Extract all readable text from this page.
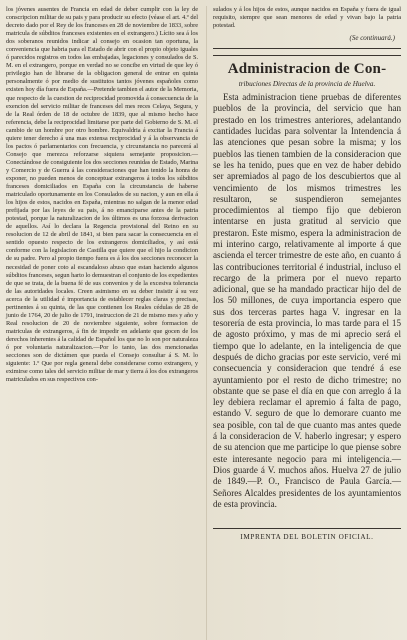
los jóvenes ausentes de Francia en edad de deber cumplir con la ley de conscripcion militar de su pais y para producir su efecto (véase el art. 4.º del decreto dado por el Rey de los franceses en 28 de noviembre de 1833, sobre matricula de súbditos franceses existentes en el extrangero.) Lícito sea á los dos soberanos reunidos indicar al consejo en ocasion tan oportuna, la conveniencia que habria para el Estado de abrir con el propio objeto iguales ó parecidos registros en todos las embajadas, legaciones y consulados de S. M. en el extrangero, porque en verdad no se concibe en virtud de que ley ó privilegio han de librarse de la obligacion general de entrar en quinta personalmente ó por medio de sustitutos tantos jóvenes españoles como existen hoy día fuera de España.—Pretende tambien el autor de la Memoria, que respecto de la cuestion de reciprocidad promovida á consecuencia de la exencion del servicio militar de franceses del mes reces Celaya, Segura, y de la Real órden de 18 de octubre de 1839, que al mismo hecho hace referencia, debe la reciprocidad limitarse por parte del Gobierno de S. M. el cambio de un hombre por otro hombre. Equivaldria á excitar la Francia á quiere tener derecho á una mas extensa reciprocidad y á la observancia de los pactos ó parlamentarios con frecuencia, y circunstancia no parecerá al Consejo que merezca reforzarse siquiera semejante proposicion.—Conectándose de consiguiente los dos secciones reunidas de Estado, Marina y Comercio y de Guerra á las consideraciones que han tenido la honra de exponer, no pueden menos de conceptuar extrangeros á todos los súbditos franceses domiciliados en España con la circunstancia de haberse matriculado oportunamente en los Consulados de su nacion, y aun en ella á los hijos de estos, nacidos en España, mientras no salgan de la menor edad prefijada por las leyes de su pais, á no emanciparse antes de la patria potestad, porque la naturalizacion de los últimos es una forzosa derivacion de aquellos. Así lo declara la Regencia provisional del Reino en su resolucion de 12 de abril de 1841, si bien para sacar la consecuencia en el sentido opuesto respecto de los extrangeros domiciliados, y así está conforme con la legislacion de Castilla que quiere que el hijo la condicion de su padre. Pero al propio tiempo fuera es á los dos secciones reconocer la necesidad de poner coto al escandaloso abuso que estan haciendo algunos súbditos franceses, segun harto lo demuestran el conjunto de los expedientes de que se trata, de la buena fé de sus convenios y de la excesiva tolerancia de las autoridades locales. Creen asimismo en su deber insistir á su vez acerca de la utilidad é importancia de establecer reglas claras y precisas, pertinentes á su quinta, de las que contienen los Reales cédulas de 28 de junio de 1764, 20 de julio de 1791, instruccion de 21 de mismo mes y año y Real resolucion de 20 de noviembre siguiente, sobre formacion de matriculas de extrangeros, á fin de impedir en adelante que gocen de los derechos inherentes á la calidad de Español los que no lo son por naturaleza ó por voluntaria naturalizacion.—Por lo tanto, las dos mencionadas secciones son de dictámen que pueda el Consejo consultar á S. M. lo siguiente: 1.º Que por regla general debe considerarse como extrangero, y eximirse como tales del servicio militar de mar y tierra á los dos extrangeros matriculados en sus respectivos con-

sulados y á los hijos de estos, aunque nacidos en España y fuera de igual requisito, siempre que sean menores de edad y vivan bajo la patria potestad.

(Se continuará.)
Administracion de Con-
tribuciones Directas de la provincia de Huelva.

Esta administracion tiene pruebas de diferentes pueblos de la provincia, del servicio que han prestado en los trimestres anteriores, adelantando cantidades lucidas para solventar la Intendencia á las atenciones que pesan sobre la misma; y los pueblos las tienen tambien de la consideracion que se les ha tenido, pues que en vez de haber debido ser apremiados al pago de los descubiertos que al vencimiento de los mismos trimestres les resultaron, se suspendieron semejantes procedimientos al tiempo fijo que debieron intentarse en justa gratitud al servicio que prestaron. Este mismo, espera la administracion de mi interino cargo, relativamente al importe á que ascienda el tercer trimestre de este año, en cuanto á las contribuciones territorial é industrial, incluso el recargo de la primera por el nuevo reparto adicional, que se ha mandado practicar hijo del de los 50 millones, de cuya importancia espero que sus dos terceras partes haga V. ingresar en la tesorería de esta provincia, lo mas tarde para el 15 de agosto próximo, y mas de mi aprecio será el tiempo que lo adelante, en la inteligencia de que después de dicho gracias por este servicio, veré mi consecuencia y consideracion que tendré á ese ayuntamiento por el resto de dicho trimestre; no obstante que se pase el día en que con arreglo á la ley debiera reclamar el apremio á falta de pago, estando V. seguro de que lo demorare cuanto me sea posible, con tal de que cuanto mas antes quede á la consideracion de V. haberlo ingresar; y espero de su atencion que me participe lo que piense sobre este interesante negocio para mi inteligencia.—Dios guarde á V. muchos años. Huelva 27 de julio de 1849.—P. O., Francisco de Paula García.—Señores Alcaldes presidentes de los ayuntamientos de esta provincia.

IMPRENTA DEL BOLETIN OFICIAL.
